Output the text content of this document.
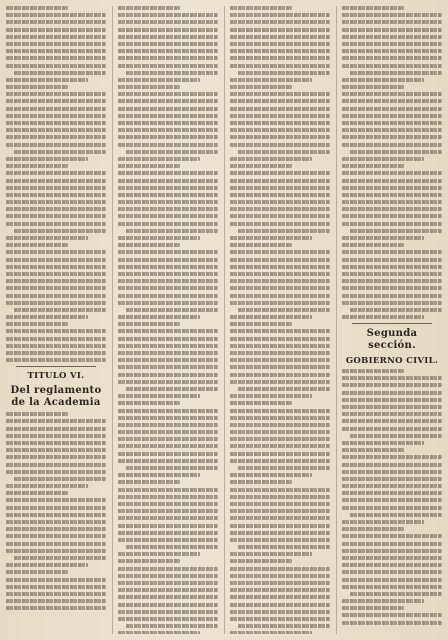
TITULO VI.
Del reglamento de la Academia
Segunda sección.
GOBIERNO CIVIL.
